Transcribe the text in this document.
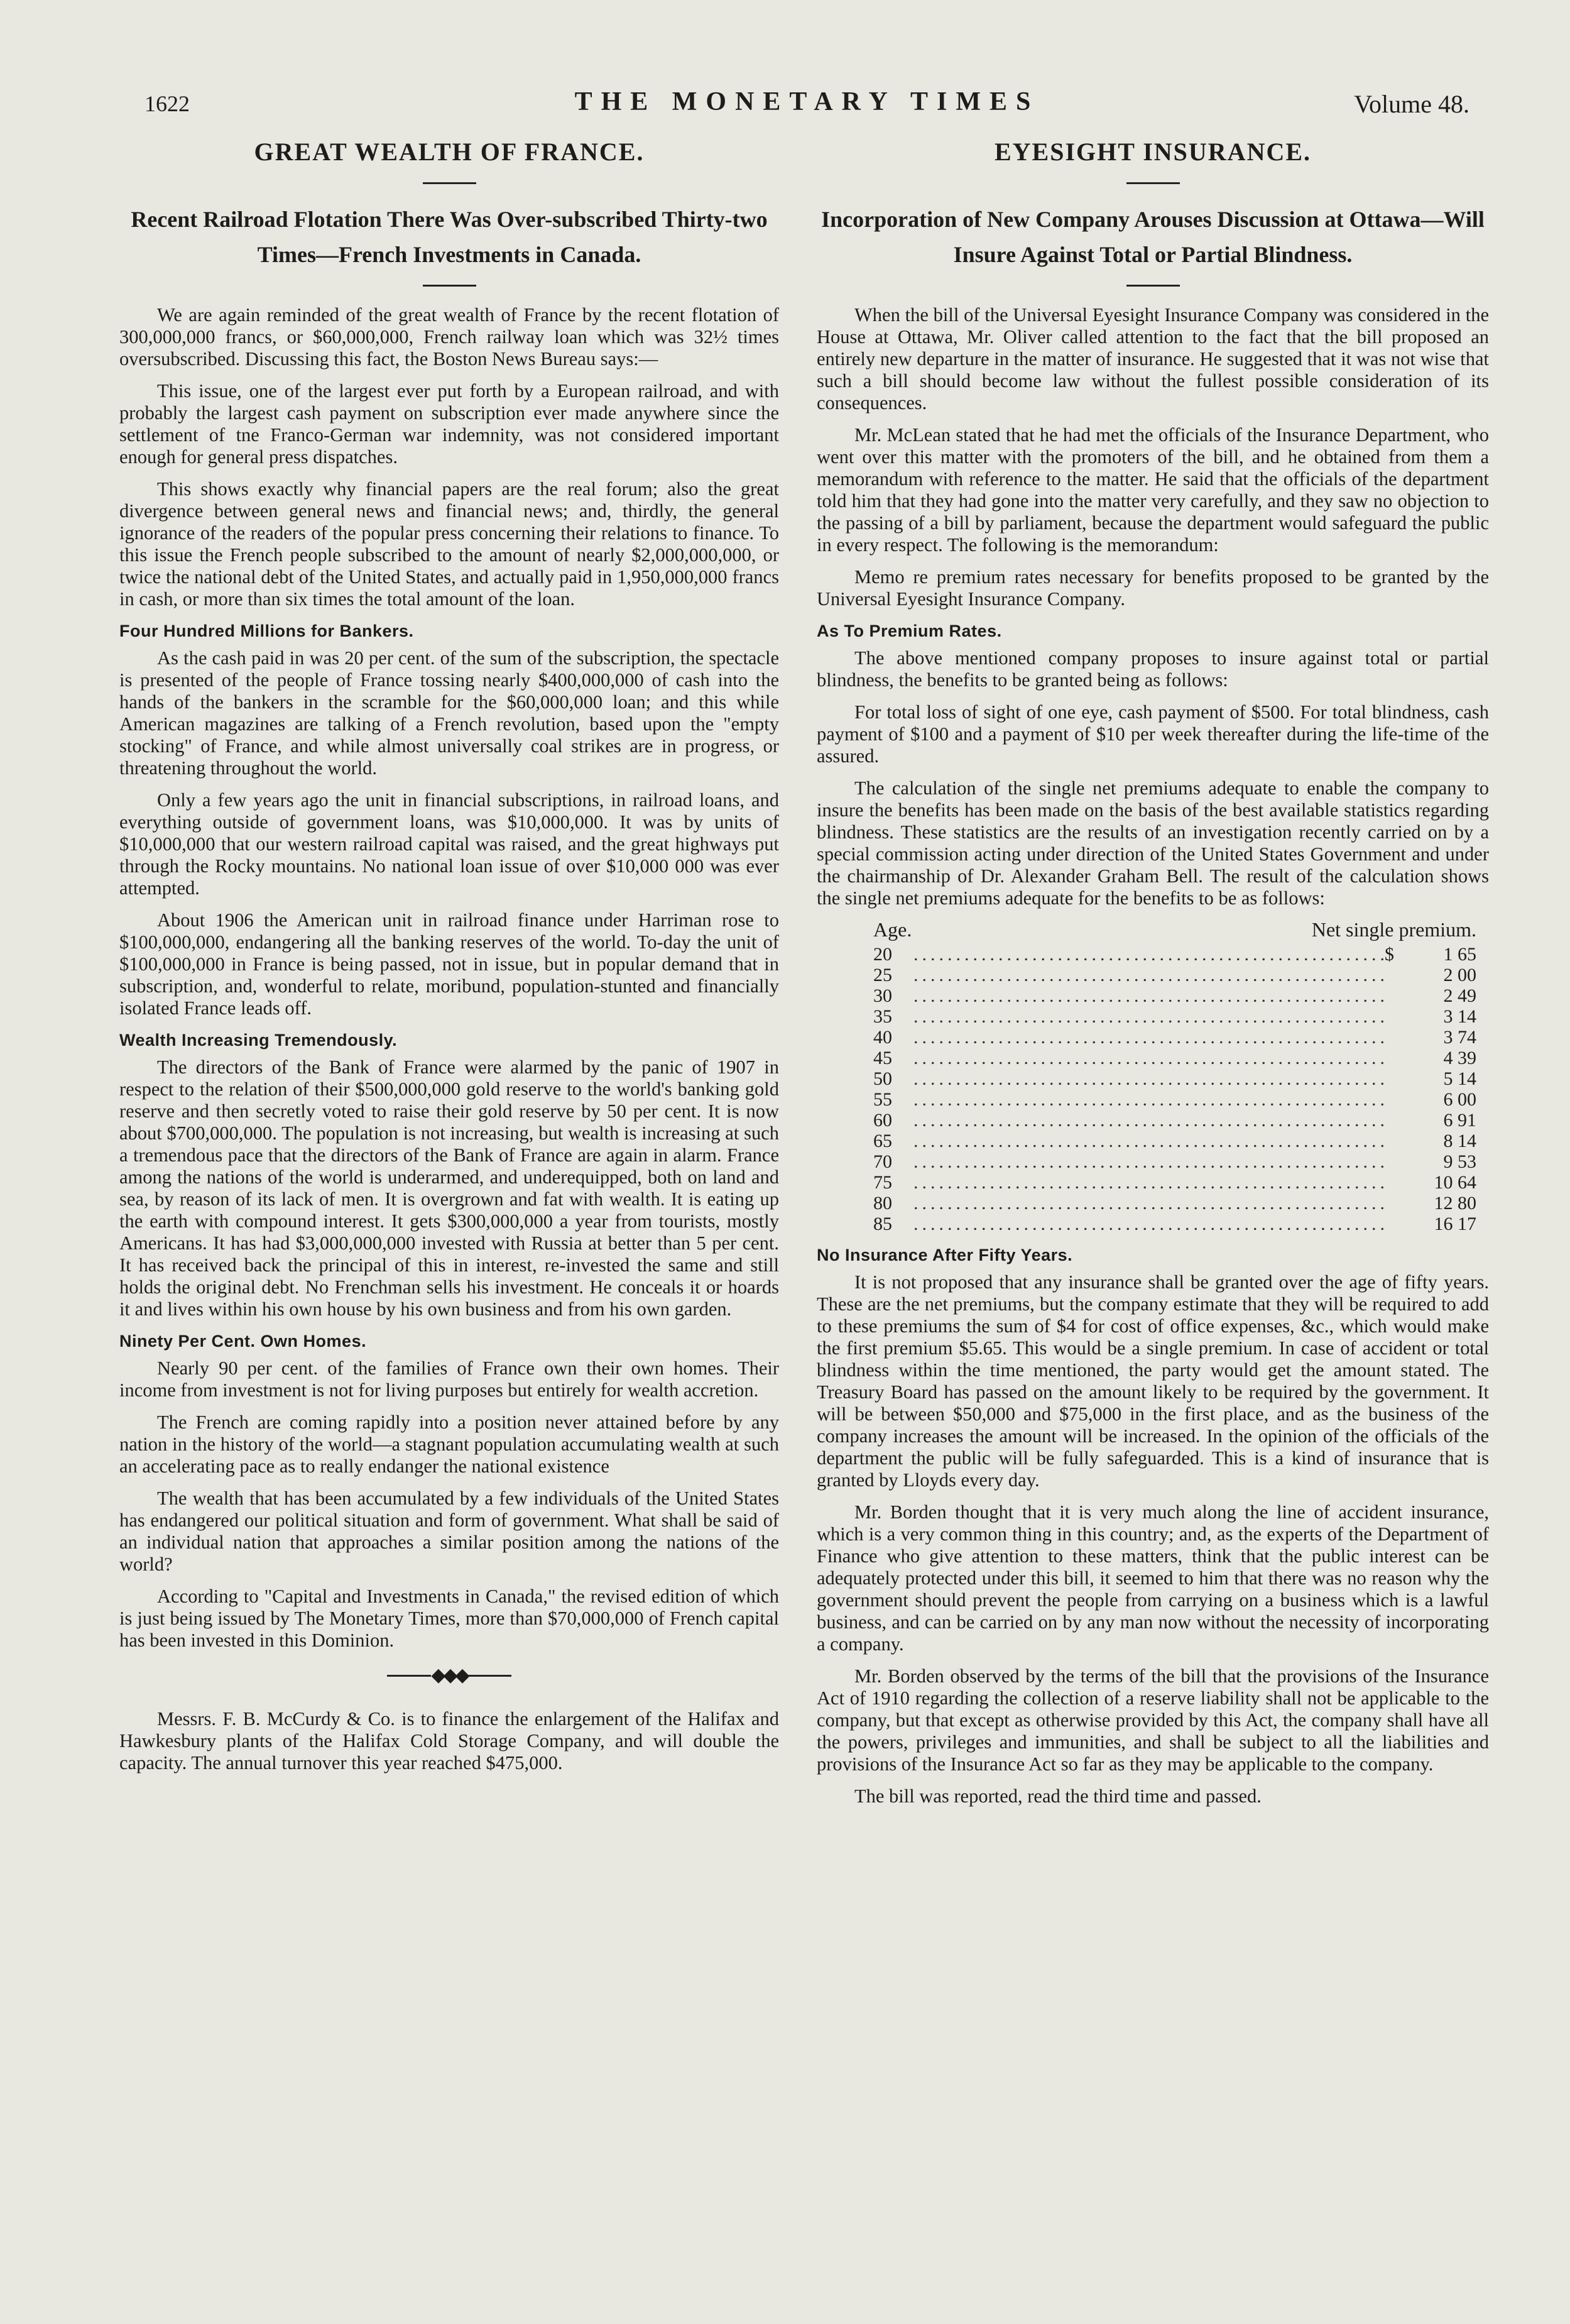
1622	THE MONETARY TIMES	Volume 48.
GREAT WEALTH OF FRANCE.
Recent Railroad Flotation There Was Over-subscribed Thirty-two Times—French Investments in Canada.

We are again reminded of the great wealth of France by the recent flotation of 300,000,000 francs, or $60,000,000, French railway loan which was 32½ times oversubscribed. Discussing this fact, the Boston News Bureau says:—

This issue, one of the largest ever put forth by a European railroad, and with probably the largest cash payment on subscription ever made anywhere since the settlement of tne Franco-German war indemnity, was not considered important enough for general press dispatches.

This shows exactly why financial papers are the real forum; also the great divergence between general news and financial news; and, thirdly, the general ignorance of the readers of the popular press concerning their relations to finance. To this issue the French people subscribed to the amount of nearly $2,000,000,000, or twice the national debt of the United States, and actually paid in 1,950,000,000 francs in cash, or more than six times the total amount of the loan.

Four Hundred Millions for Bankers.

As the cash paid in was 20 per cent. of the sum of the subscription, the spectacle is presented of the people of France tossing nearly $400,000,000 of cash into the hands of the bankers in the scramble for the $60,000,000 loan; and this while American magazines are talking of a French revolution, based upon the "empty stocking" of France, and while almost universally coal strikes are in progress, or threatening throughout the world.

Only a few years ago the unit in financial subscriptions, in railroad loans, and everything outside of government loans, was $10,000,000. It was by units of $10,000,000 that our western railroad capital was raised, and the great highways put through the Rocky mountains. No national loan issue of over $10,000 000 was ever attempted.

About 1906 the American unit in railroad finance under Harriman rose to $100,000,000, endangering all the banking reserves of the world. To-day the unit of $100,000,000 in France is being passed, not in issue, but in popular demand that in subscription, and, wonderful to relate, moribund, population-stunted and financially isolated France leads off.

Wealth Increasing Tremendously.

The directors of the Bank of France were alarmed by the panic of 1907 in respect to the relation of their $500,000,000 gold reserve to the world's banking gold reserve and then secretly voted to raise their gold reserve by 50 per cent. It is now about $700,000,000. The population is not increasing, but wealth is increasing at such a tremendous pace that the directors of the Bank of France are again in alarm. France among the nations of the world is underarmed, and underequipped, both on land and sea, by reason of its lack of men. It is overgrown and fat with wealth. It is eating up the earth with compound interest. It gets $300,000,000 a year from tourists, mostly Americans. It has had $3,000,000,000 invested with Russia at better than 5 per cent. It has received back the principal of this in interest, re-invested the same and still holds the original debt. No Frenchman sells his investment. He conceals it or hoards it and lives within his own house by his own business and from his own garden.

Ninety Per Cent. Own Homes.

Nearly 90 per cent. of the families of France own their own homes. Their income from investment is not for living purposes but entirely for wealth accretion.

The French are coming rapidly into a position never attained before by any nation in the history of the world—a stagnant population accumulating wealth at such an accelerating pace as to really endanger the national existence

The wealth that has been accumulated by a few individuals of the United States has endangered our political situation and form of government. What shall be said of an individual nation that approaches a similar position among the nations of the world?

According to "Capital and Investments in Canada," the revised edition of which is just being issued by The Monetary Times, more than $70,000,000 of French capital has been invested in this Dominion.

◆◆◆

Messrs. F. B. McCurdy & Co. is to finance the enlargement of the Halifax and Hawkesbury plants of the Halifax Cold Storage Company, and will double the capacity. The annual turnover this year reached $475,000.

EYESIGHT INSURANCE.
Incorporation of New Company Arouses Discussion at Ottawa—Will Insure Against Total or Partial Blindness.

When the bill of the Universal Eyesight Insurance Company was considered in the House at Ottawa, Mr. Oliver called attention to the fact that the bill proposed an entirely new departure in the matter of insurance. He suggested that it was not wise that such a bill should become law without the fullest possible consideration of its consequences.

Mr. McLean stated that he had met the officials of the Insurance Department, who went over this matter with the promoters of the bill, and he obtained from them a memorandum with reference to the matter. He said that the officials of the department told him that they had gone into the matter very carefully, and they saw no objection to the passing of a bill by parliament, because the department would safeguard the public in every respect. The following is the memorandum:

Memo re premium rates necessary for benefits proposed to be granted by the Universal Eyesight Insurance Company.

As To Premium Rates.

The above mentioned company proposes to insure against total or partial blindness, the benefits to be granted being as follows:

For total loss of sight of one eye, cash payment of $500. For total blindness, cash payment of $100 and a payment of $10 per week thereafter during the life-time of the assured.

The calculation of the single net premiums adequate to enable the company to insure the benefits has been made on the basis of the best available statistics regarding blindness. These statistics are the results of an investigation recently carried on by a special commission acting under direction of the United States Government and under the chairmanship of Dr. Alexander Graham Bell. The result of the calculation shows the single net premiums adequate for the benefits to be as follows:

Age.	Net single premium.
20 .....	$	1 65
25 .....	2 00
30 .....	2 49
35 .....	3 14
40 .....	3 74
45 .....	4 39
50 .....	5 14
55 .....	6 00
60 .....	6 91
65 .....	8 14
70 .....	9 53
75 .....	10 64
80 .....	12 80
85 .....	16 17
No Insurance After Fifty Years.

It is not proposed that any insurance shall be granted over the age of fifty years. These are the net premiums, but the company estimate that they will be required to add to these premiums the sum of $4 for cost of office expenses, &c., which would make the first premium $5.65. This would be a single premium. In case of accident or total blindness within the time mentioned, the party would get the amount stated. The Treasury Board has passed on the amount likely to be required by the government. It will be between $50,000 and $75,000 in the first place, and as the business of the company increases the amount will be increased. In the opinion of the officials of the department the public will be fully safeguarded. This is a kind of insurance that is granted by Lloyds every day.

Mr. Borden thought that it is very much along the line of accident insurance, which is a very common thing in this country; and, as the experts of the Department of Finance who give attention to these matters, think that the public interest can be adequately protected under this bill, it seemed to him that there was no reason why the government should prevent the people from carrying on a business which is a lawful business, and can be carried on by any man now without the necessity of incorporating a company.

Mr. Borden observed by the terms of the bill that the provisions of the Insurance Act of 1910 regarding the collection of a reserve liability shall not be applicable to the company, but that except as otherwise provided by this Act, the company shall have all the powers, privileges and immunities, and shall be subject to all the liabilities and provisions of the Insurance Act so far as they may be applicable to the company.

The bill was reported, read the third time and passed.
